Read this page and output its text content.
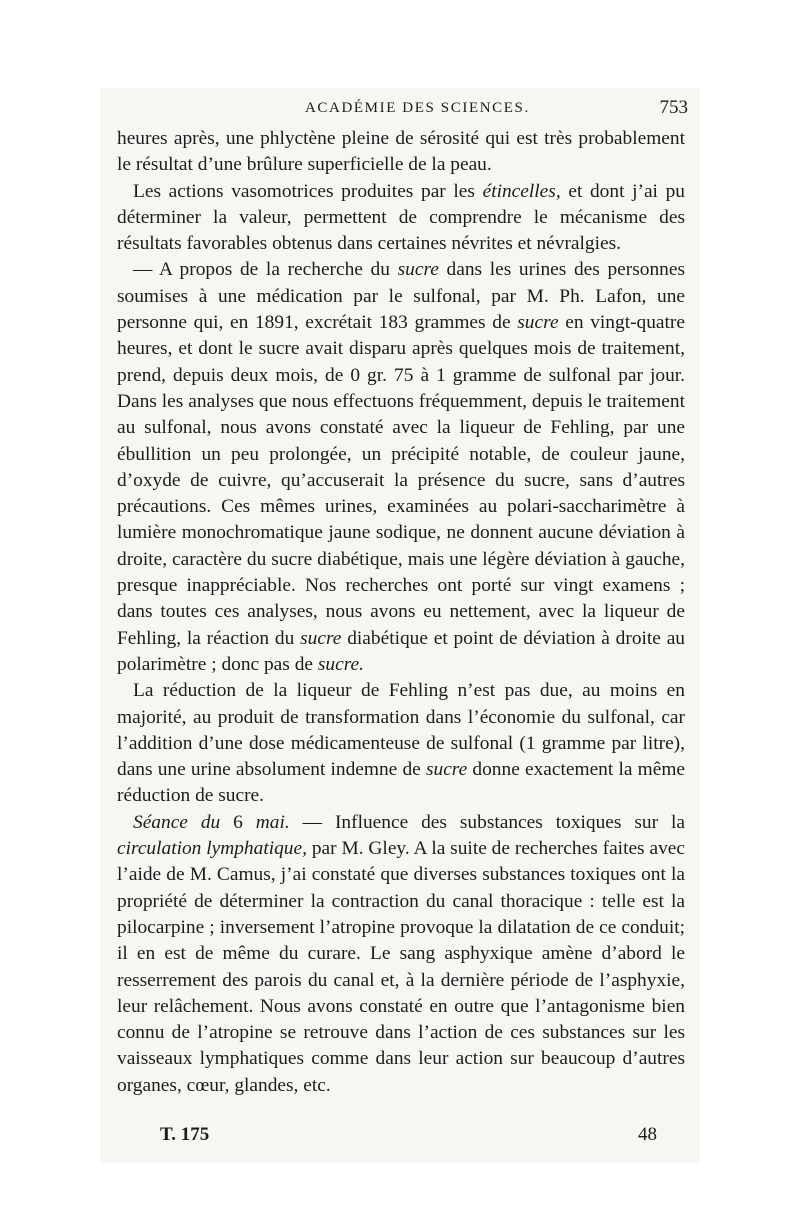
ACADÉMIE DES SCIENCES.	753

heures après, une phlyctène pleine de sérosité qui est très probablement le résultat d’une brûlure superficielle de la peau.

Les actions vasomotrices produites par les étincelles, et dont j’ai pu déterminer la valeur, permettent de comprendre le mécanisme des résultats favorables obtenus dans certaines névrites et névralgies.

— A propos de la recherche du sucre dans les urines des personnes soumises à une médication par le sulfonal, par M. Ph. Lafon, une personne qui, en 1891, excrétait 183 grammes de sucre en vingt-quatre heures, et dont le sucre avait disparu après quelques mois de traitement, prend, depuis deux mois, de 0 gr. 75 à 1 gramme de sulfonal par jour. Dans les analyses que nous effectuons fréquemment, depuis le traitement au sulfonal, nous avons constaté avec la liqueur de Fehling, par une ébullition un peu prolongée, un précipité notable, de couleur jaune, d’oxyde de cuivre, qu’accuserait la présence du sucre, sans d’autres précautions. Ces mêmes urines, examinées au polari-saccharimètre à lumière monochromatique jaune sodique, ne donnent aucune déviation à droite, caractère du sucre diabétique, mais une légère déviation à gauche, presque inappréciable. Nos recherches ont porté sur vingt examens ; dans toutes ces analyses, nous avons eu nettement, avec la liqueur de Fehling, la réaction du sucre diabétique et point de déviation à droite au polarimètre ; donc pas de sucre.

La réduction de la liqueur de Fehling n’est pas due, au moins en majorité, au produit de transformation dans l’économie du sulfonal, car l’addition d’une dose médicamenteuse de sulfonal (1 gramme par litre), dans une urine absolument indemne de sucre donne exactement la même réduction de sucre.

Séance du 6 mai. — Influence des substances toxiques sur la circulation lymphatique, par M. Gley. A la suite de recherches faites avec l’aide de M. Camus, j’ai constaté que diverses substances toxiques ont la propriété de déterminer la contraction du canal thoracique : telle est la pilocarpine ; inversement l’atropine provoque la dilatation de ce conduit; il en est de même du curare. Le sang asphyxique amène d’abord le resserrement des parois du canal et, à la dernière période de l’asphyxie, leur relâchement. Nous avons constaté en outre que l’antagonisme bien connu de l’atropine se retrouve dans l’action de ces substances sur les vaisseaux lymphatiques comme dans leur action sur beaucoup d’autres organes, cœur, glandes, etc.

T. 175	48
